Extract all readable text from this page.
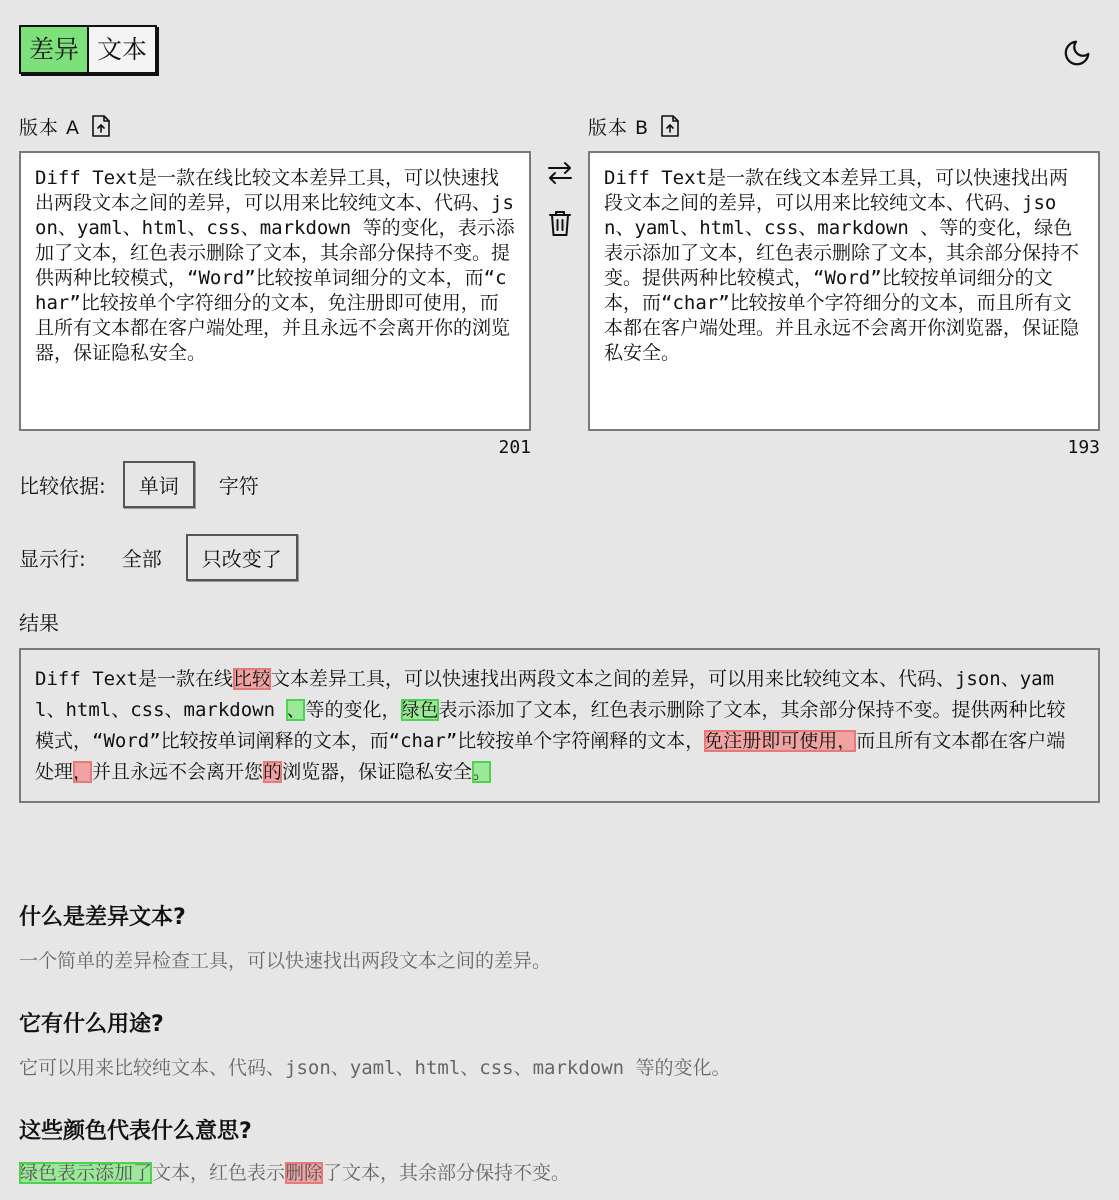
差异 文本
版本 A	版本 B
Diff Text是一款在线比较文本差异工具，可以快速找出两段文本之间的差异，可以用来比较纯文本、代码、json、yaml、html、css、markdown 等的变化，表示添加了文本，红色表示删除了文本，其余部分保持不变。提供两种比较模式，“Word”比较按单词细分的文本，而“char”比较按单个字符细分的文本，免注册即可使用，而且所有文本都在客户端处理，并且永远不会离开你的浏览器，保证隐私安全。
Diff Text是一款在线文本差异工具，可以快速找出两段文本之间的差异，可以用来比较纯文本、代码、json、yaml、html、css、markdown 、等的变化，绿色表示添加了文本，红色表示删除了文本，其余部分保持不变。提供两种比较模式，“Word”比较按单词细分的文本，而“char”比较按单个字符细分的文本，而且所有文本都在客户端处理。并且永远不会离开你浏览器，保证隐私安全。
201	193
比较依据:	单词	字符
显示行:	全部	只改变了
结果
Diff Text是一款在线比较文本差异工具，可以快速找出两段文本之间的差异，可以用来比较纯文本、代码、json、yaml、html、css、markdown 、等的变化，绿色表示添加了文本，红色表示删除了文本，其余部分保持不变。提供两种比较模式，“Word”比较按单词阐释的文本，而“char”比较按单个字符阐释的文本，免注册即可使用，而且所有文本都在客户端处理，并且永远不会离开您的浏览器，保证隐私安全。
什么是差异文本?
一个简单的差异检查工具，可以快速找出两段文本之间的差异。
它有什么用途?
它可以用来比较纯文本、代码、json、yaml、html、css、markdown 等的变化。
这些颜色代表什么意思?
绿色表示添加了文本，红色表示删除了文本，其余部分保持不变。
